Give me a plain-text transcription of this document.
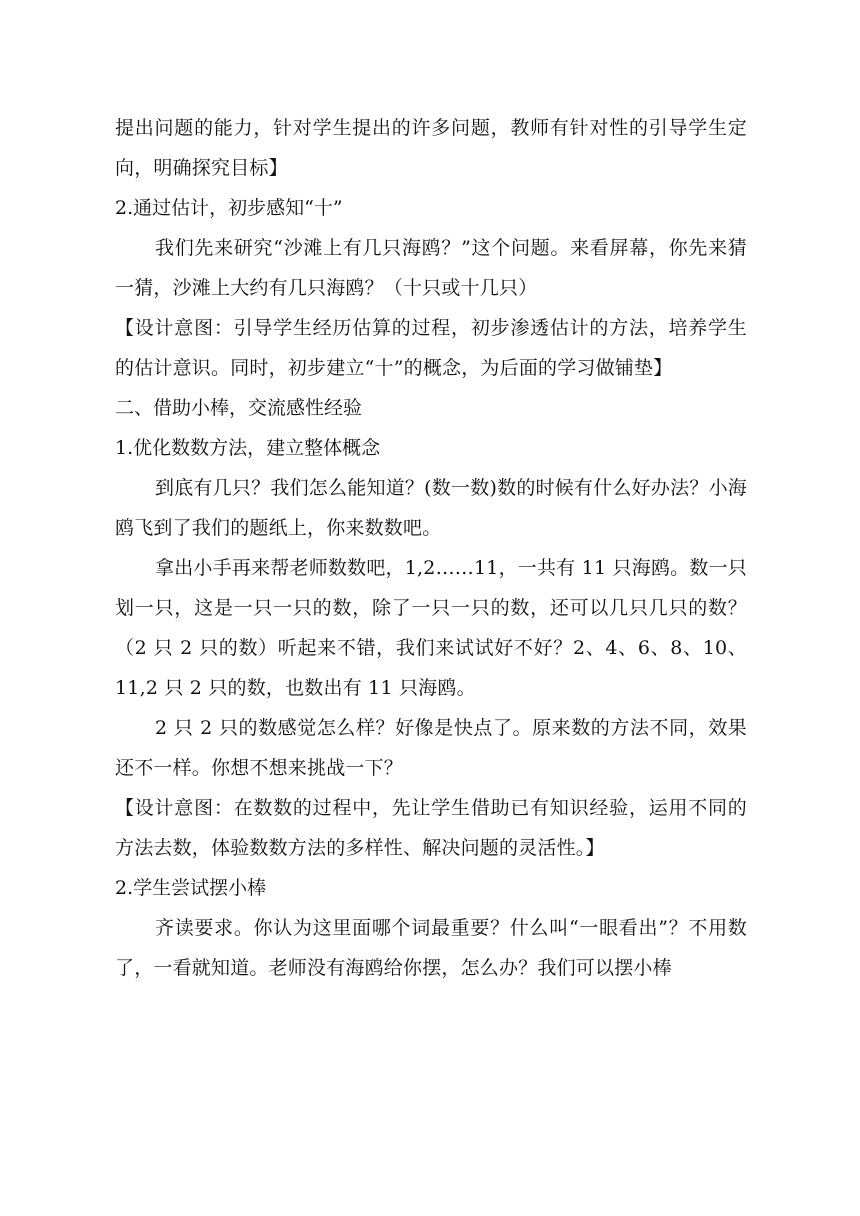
提出问题的能力，针对学生提出的许多问题，教师有针对性的引导学生定向，明确探究目标】
2.通过估计，初步感知“十”
我们先来研究“沙滩上有几只海鸥？”这个问题。来看屏幕，你先来猜一猜，沙滩上大约有几只海鸥？（十只或十几只）
【设计意图：引导学生经历估算的过程，初步渗透估计的方法，培养学生的估计意识。同时，初步建立“十”的概念，为后面的学习做铺垫】
二、借助小棒，交流感性经验
1.优化数数方法，建立整体概念
到底有几只？我们怎么能知道？(数一数)数的时候有什么好办法？小海鸥飞到了我们的题纸上，你来数数吧。
拿出小手再来帮老师数数吧，1,2……11，一共有 11 只海鸥。数一只划一只，这是一只一只的数，除了一只一只的数，还可以几只几只的数？（2 只 2 只的数）听起来不错，我们来试试好不好？2、4、6、8、10、11,2 只 2 只的数，也数出有 11 只海鸥。
2 只 2 只的数感觉怎么样？好像是快点了。原来数的方法不同，效果还不一样。你想不想来挑战一下？
【设计意图：在数数的过程中，先让学生借助已有知识经验，运用不同的方法去数，体验数数方法的多样性、解决问题的灵活性。】
2.学生尝试摆小棒
齐读要求。你认为这里面哪个词最重要？什么叫“一眼看出”？不用数了，一看就知道。老师没有海鸥给你摆，怎么办？我们可以摆小棒
